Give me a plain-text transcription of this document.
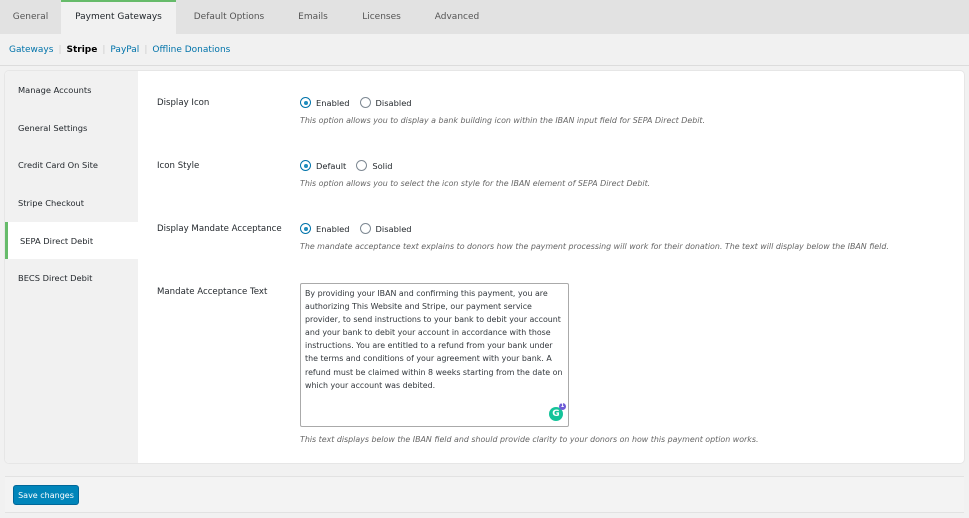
General	Payment Gateways	Default Options	Emails	Licenses	Advanced
Gateways | Stripe | PayPal | Offline Donations
Manage Accounts
General Settings
Credit Card On Site
Stripe Checkout
SEPA Direct Debit
BECS Direct Debit
Display Icon	Enabled	Disabled
This option allows you to display a bank building icon within the IBAN input field for SEPA Direct Debit.
Icon Style	Default	Solid
This option allows you to select the icon style for the IBAN element of SEPA Direct Debit.
Display Mandate Acceptance	Enabled	Disabled
The mandate acceptance text explains to donors how the payment processing will work for their donation. The text will display below the IBAN field.
Mandate Acceptance Text
By providing your IBAN and confirming this payment, you are authorizing This Website and Stripe, our payment service provider, to send instructions to your bank to debit your account and your bank to debit your account in accordance with those instructions. You are entitled to a refund from your bank under the terms and conditions of your agreement with your bank. A refund must be claimed within 8 weeks starting from the date on which your account was debited.
G
1
This text displays below the IBAN field and should provide clarity to your donors on how this payment option works.
Save changes
